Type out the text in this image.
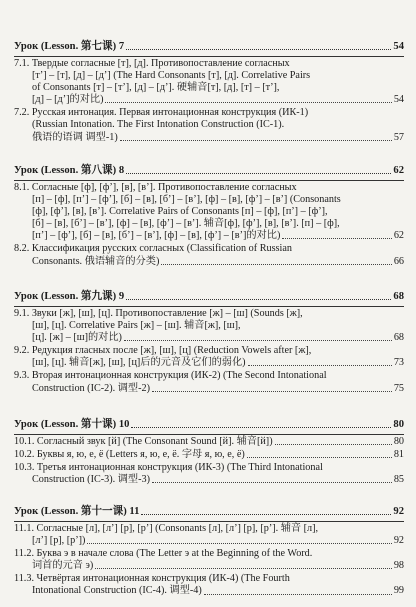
Урок (Lesson. 第七课) 7	54
7.1. Твердые согласные [т], [д]. Противопоставление согласных
[т’] – [т], [д] – [д’] (The Hard Consonants [т], [д]. Correlative Pairs
of Consonants [т] – [т’], [д] – [д’]. 硬辅音[т], [д], [т] – [т’],
[д] – [д’]的对比)	54
7.2. Русская интонация. Первая интонационная конструкция (ИК-1)
(Russian Intonation. The First Intonation Construction (IC-1).
俄语的语调 调型-1)	57
Урок (Lesson. 第八课) 8	62
8.1. Согласные [ф], [ф’], [в], [в’]. Противопоставление согласных
[п] – [ф], [п’] – [ф’], [б] – [в], [б’] – [в’], [ф] – [в], [ф’] – [в’] (Consonants
[ф], [ф’], [в], [в’]. Correlative Pairs of Consonants [п] – [ф], [п’] – [ф’],
[б] – [в], [б’] – [в’], [ф] – [в], [ф’] – [в’]. 辅音[ф], [ф’], [в], [в’]. [п] – [ф],
[п’] – [ф’], [б] – [в], [б’] – [в’], [ф] – [в], [ф’] – [в’]的对比)	62
8.2. Классификация русских согласных (Classification of Russian
Consonants. 俄语辅音的分类)	66
Урок (Lesson. 第九课) 9	68
9.1. Звуки [ж], [ш], [ц]. Противопоставление [ж] – [ш] (Sounds [ж],
[ш], [ц]. Correlative Pairs [ж] – [ш]. 辅音[ж], [ш],
[ц]. [ж] – [ш]的对比)	68
9.2. Редукция гласных после [ж], [ш], [ц] (Reduction Vowels after [ж],
[ш], [ц]. 辅音[ж], [ш], [ц]后的元音及它们的弱化)	73
9.3. Вторая интонационная конструкция (ИК-2) (The Second Intonational
Construction (IC-2). 调型-2)	75
Урок (Lesson. 第十课) 10	80
10.1. Согласный звук [й] (The Consonant Sound [й]. 辅音[й])	80
10.2. Буквы я, ю, е, ё (Letters я, ю, е, ё. 字母 я, ю, е, ё)	81
10.3. Третья интонационная конструкция (ИК-3) (The Third Intonational
Construction (IC-3). 调型-3)	85
Урок (Lesson. 第十一课) 11	92
11.1. Согласные [л], [л’] [р], [р’] (Consonants [л], [л’] [р], [р’]. 辅音 [л],
[л’] [р], [р’])	92
11.2. Буква э в начале слова (The Letter э at the Beginning of the Word.
词首的元音 э)	98
11.3. Четвёртая интонационная конструкция (ИК-4) (The Fourth
Intonational Construction (IC-4). 调型-4)	99
